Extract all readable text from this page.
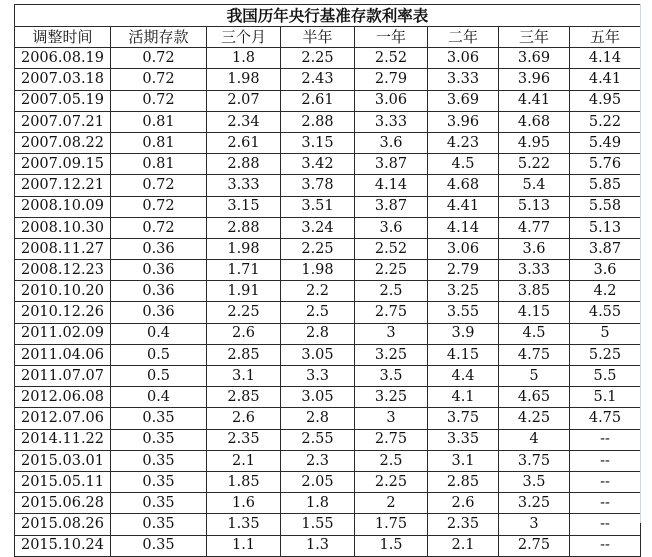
我国历年央行基准存款利率表
调整时间	活期存款	三个月	半年	一年	二年	三年	五年
2006.08.19	0.72	1.8	2.25	2.52	3.06	3.69	4.14
2007.03.18	0.72	1.98	2.43	2.79	3.33	3.96	4.41
2007.05.19	0.72	2.07	2.61	3.06	3.69	4.41	4.95
2007.07.21	0.81	2.34	2.88	3.33	3.96	4.68	5.22
2007.08.22	0.81	2.61	3.15	3.6	4.23	4.95	5.49
2007.09.15	0.81	2.88	3.42	3.87	4.5	5.22	5.76
2007.12.21	0.72	3.33	3.78	4.14	4.68	5.4	5.85
2008.10.09	0.72	3.15	3.51	3.87	4.41	5.13	5.58
2008.10.30	0.72	2.88	3.24	3.6	4.14	4.77	5.13
2008.11.27	0.36	1.98	2.25	2.52	3.06	3.6	3.87
2008.12.23	0.36	1.71	1.98	2.25	2.79	3.33	3.6
2010.10.20	0.36	1.91	2.2	2.5	3.25	3.85	4.2
2010.12.26	0.36	2.25	2.5	2.75	3.55	4.15	4.55
2011.02.09	0.4	2.6	2.8	3	3.9	4.5	5
2011.04.06	0.5	2.85	3.05	3.25	4.15	4.75	5.25
2011.07.07	0.5	3.1	3.3	3.5	4.4	5	5.5
2012.06.08	0.4	2.85	3.05	3.25	4.1	4.65	5.1
2012.07.06	0.35	2.6	2.8	3	3.75	4.25	4.75
2014.11.22	0.35	2.35	2.55	2.75	3.35	4	--
2015.03.01	0.35	2.1	2.3	2.5	3.1	3.75	--
2015.05.11	0.35	1.85	2.05	2.25	2.85	3.5	--
2015.06.28	0.35	1.6	1.8	2	2.6	3.25	--
2015.08.26	0.35	1.35	1.55	1.75	2.35	3	--
2015.10.24	0.35	1.1	1.3	1.5	2.1	2.75	--
